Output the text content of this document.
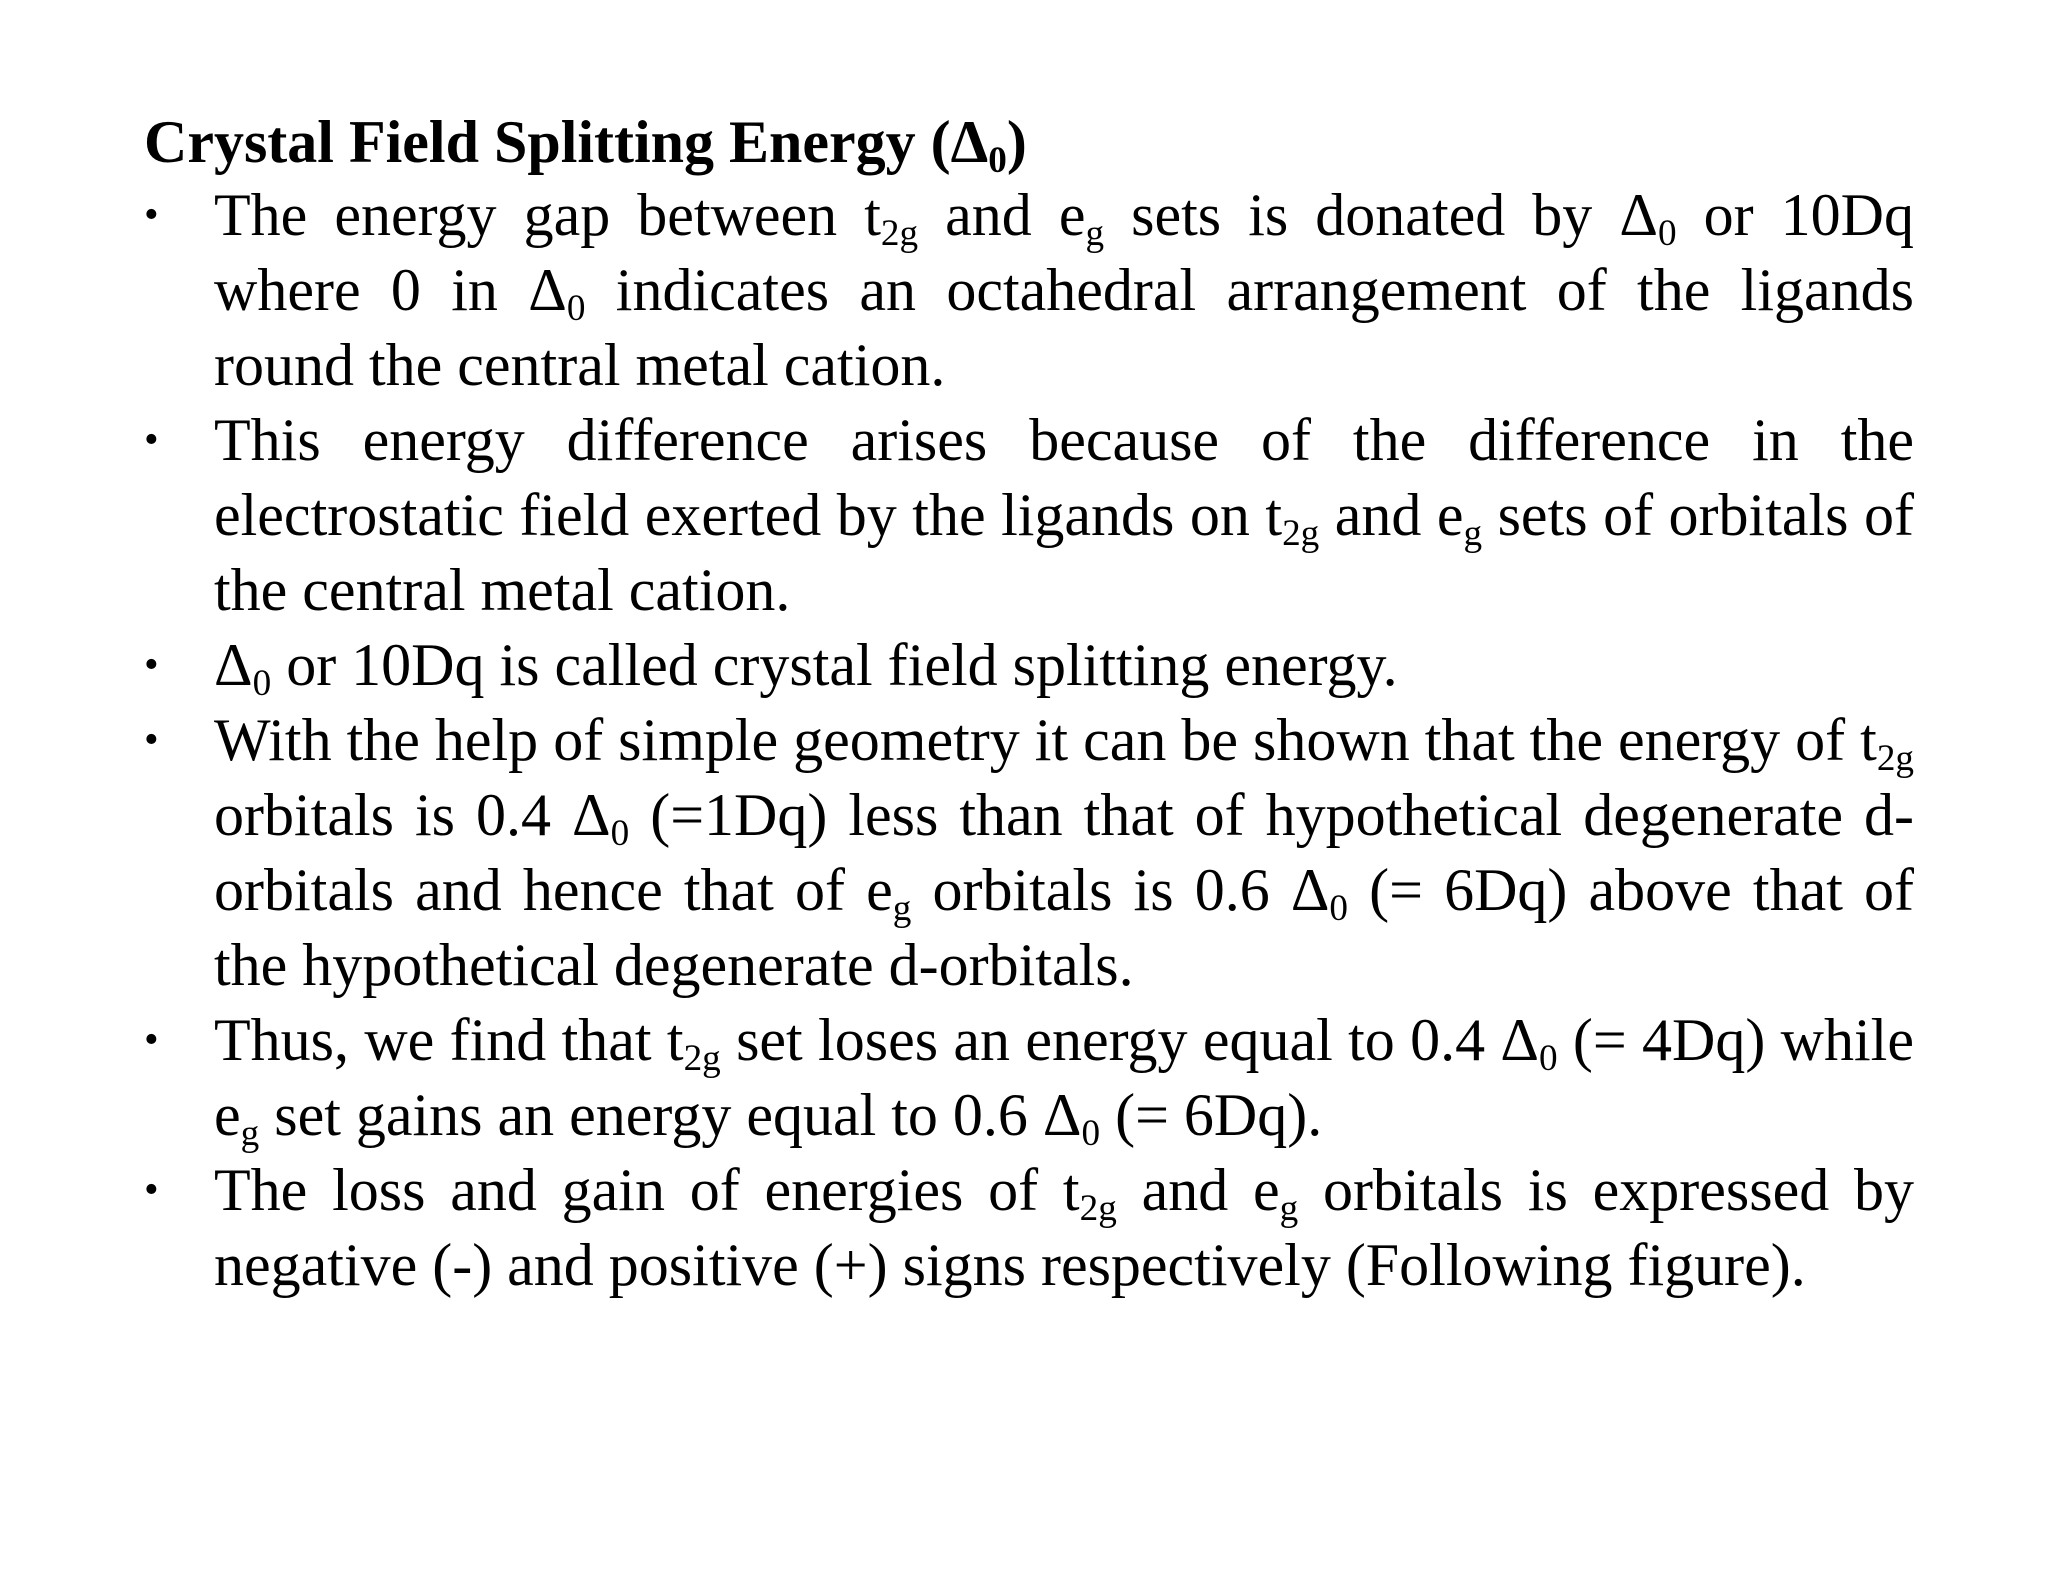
Crystal Field Splitting Energy $(\Delta_0)$
• The energy gap between $t_{2g}$ and $e_g$ sets is donated by $\Delta_0$ or 10Dq where 0 in $\Delta_0$ indicates an octahedral arrangement of the ligands round the central metal cation.
• This energy difference arises because of the difference in the electrostatic field exerted by the ligands on $t_{2g}$ and $e_g$ sets of orbitals of the central metal cation.
• $\Delta_0$ or 10Dq is called crystal field splitting energy.
• With the help of simple geometry it can be shown that the energy of $t_{2g}$ orbitals is 0.4 $\Delta_0$ (=1Dq) less than that of hypothetical degenerate d-orbitals and hence that of $e_g$ orbitals is 0.6 $\Delta_0$ (= 6Dq) above that of the hypothetical degenerate d-orbitals.
• Thus, we find that $t_{2g}$ set loses an energy equal to 0.4 $\Delta_0$ (= 4Dq) while $e_g$ set gains an energy equal to 0.6 $\Delta_0$ (= 6Dq).
• The loss and gain of energies of $t_{2g}$ and $e_g$ orbitals is expressed by negative (-) and positive (+) signs respectively (Following figure).
